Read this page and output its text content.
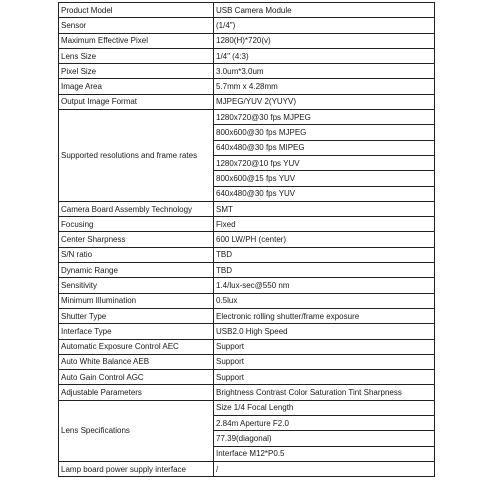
Product Model	USB Camera Module
Sensor	(1/4")
Maximum Effective Pixel	1280(H)*720(v)
Lens Size	1/4" (4:3)
Pixel Size	3.0um*3.0um
Image Area	5.7mm x 4.28mm
Output Image Format	MJPEG/YUV 2(YUYV)
Supported resolutions and frame rates	1280x720@30 fps MJPEG
	800x600@30 fps MJPEG
	640x480@30 fps MIPEG
	1280x720@10 fps YUV
	800x600@15 fps YUV
	640x480@30 fps YUV
Camera Board Assembly Technology	SMT
Focusing	Fixed
Center Sharpness	600 LW/PH (center)
S/N ratio	TBD
Dynamic Range	TBD
Sensitivity	1.4/lux-sec@550 nm
Minimum Illumination	0.5lux
Shutter Type	Electronic rolling shutter/frame exposure
Interface Type	USB2.0 High Speed
Automatic Exposure Control AEC	Support
Auto White Balance AEB	Support
Auto Gain Control AGC	Support
Adjustable Parameters	Brightness Contrast Color Saturation Tint Sharpness
Lens Specifications	Size 1/4 Focal Length
	2.84m Aperture F2.0
	77.39(diagonal)
	Interface M12*P0.5
Lamp board power supply interface	/
